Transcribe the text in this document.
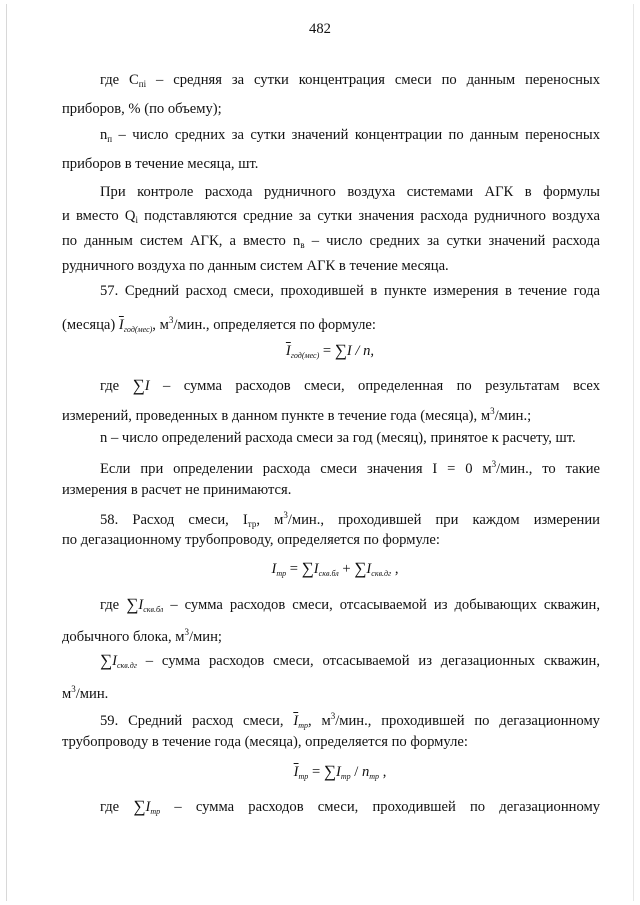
482
где $С_{пi}$ – средняя за сутки концентрация смеси по данным переносных
приборов, % (по объему);
$n_п$ – число средних за сутки значений концентрации по данным переносных
приборов в течение месяца, шт.
При контроле расхода рудничного воздуха системами АГК в формулы
и вместо $Q_i$ подставляются средние за сутки значения расхода рудничного воздуха
по данным систем АГК, а вместо $n_в$ – число средних за сутки значений расхода
рудничного воздуха по данным систем АГК в течение месяца.
57. Средний расход смеси, проходившей в пункте измерения в течение года
(месяца) $\overline{I}_{год(мес)}$, $м^3$/мин., определяется по формуле:
$\overline{I}_{год(мес)} = \sum I / n$,
где ∑I – сумма расходов смеси, определенная по результатам всех
измерений, проведенных в данном пункте в течение года (месяца), $м^3$/мин.;
n – число определений расхода смеси за год (месяц), принятое к расчету, шт.
Если при определении расхода смеси значения I = 0 $м^3$/мин., то такие
измерения в расчет не принимаются.
58. Расход смеси, $I_{тр}$, $м^3$/мин., проходившей при каждом измерении
по дегазационному трубопроводу, определяется по формуле:
$I_{тр} = \sum I_{скв.бл} + \sum I_{скв.дг}$ ,
где $\sum I_{скв.бл}$ – сумма расходов смеси, отсасываемой из добывающих скважин,
добычного блока, $м^3$/мин;
$\sum I_{скв.дг}$ – сумма расходов смеси, отсасываемой из дегазационных скважин,
$м^3$/мин.
59. Средний расход смеси, $\overline{I}_{тр}$, $м^3$/мин., проходившей по дегазационному
трубопроводу в течение года (месяца), определяется по формуле:
$\overline{I}_{тр} = \sum I_{тр} / n_{тр}$ ,
где $\sum I_{тр}$ – сумма расходов смеси, проходившей по дегазационному
